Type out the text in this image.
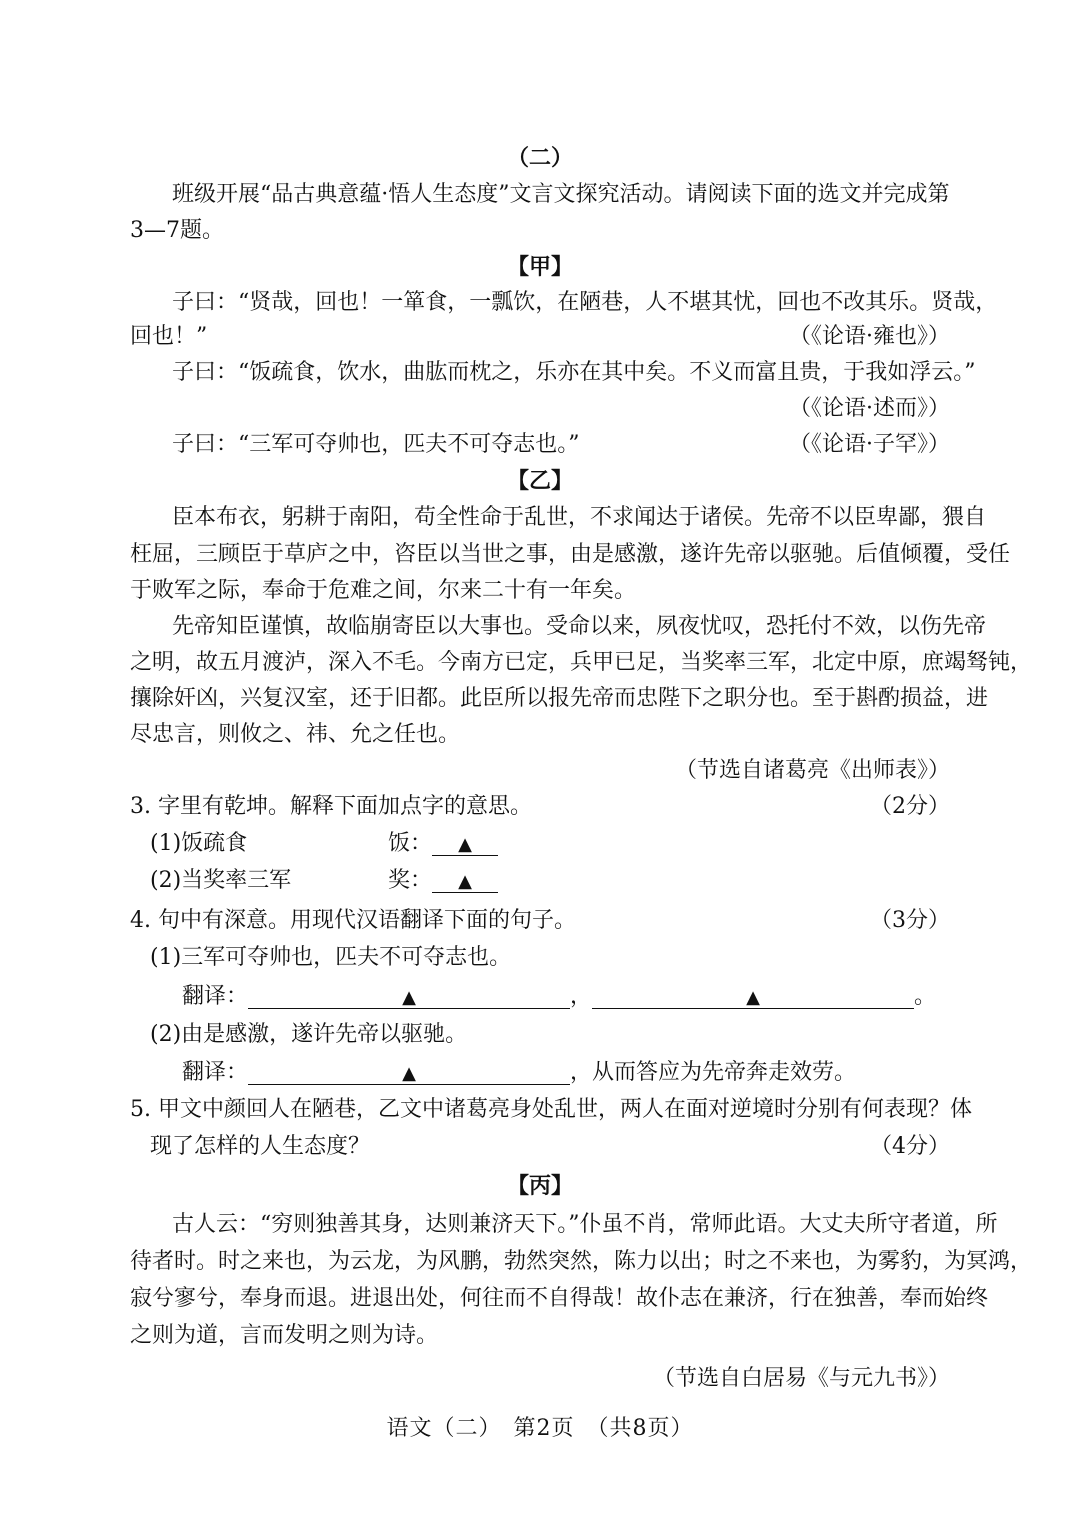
（二）
班级开展“品古典意蕴·悟人生态度”文言文探究活动。请阅读下面的选文并完成第
3—7题。
【甲】
子曰：“贤哉，回也！一箪食，一瓢饮，在陋巷，人不堪其忧，回也不改其乐。贤哉，
回也！”	（《论语·雍也》）
子曰：“饭疏食，饮水，曲肱而枕之，乐亦在其中矣。不义而富且贵，于我如浮云。”
（《论语·述而》）
子曰：“三军可夺帅也，匹夫不可夺志也。”	（《论语·子罕》）
【乙】
臣本布衣，躬耕于南阳，苟全性命于乱世，不求闻达于诸侯。先帝不以臣卑鄙，猥自
枉屈，三顾臣于草庐之中，咨臣以当世之事，由是感激，遂许先帝以驱驰。后值倾覆，受任
于败军之际，奉命于危难之间，尔来二十有一年矣。
先帝知臣谨慎，故临崩寄臣以大事也。受命以来，夙夜忧叹，恐托付不效，以伤先帝
之明，故五月渡泸，深入不毛。今南方已定，兵甲已足，当奖率三军，北定中原，庶竭驽钝，
攘除奸凶，兴复汉室，还于旧都。此臣所以报先帝而忠陛下之职分也。至于斟酌损益，进
尽忠言，则攸之、祎、允之任也。
（节选自诸葛亮《出师表》）
3. 字里有乾坤。解释下面加点字的意思。	（2分）
(1)饭疏食	饭： ▲
(2)当奖率三军	奖： ▲
4. 句中有深意。用现代汉语翻译下面的句子。	（3分）
(1)三军可夺帅也，匹夫不可夺志也。
翻译：	▲	，	▲	。
(2)由是感激，遂许先帝以驱驰。
翻译：	▲	，从而答应为先帝奔走效劳。
5. 甲文中颜回人在陋巷，乙文中诸葛亮身处乱世，两人在面对逆境时分别有何表现？体
现了怎样的人生态度？	（4分）
【丙】
古人云：“穷则独善其身，达则兼济天下。”仆虽不肖，常师此语。大丈夫所守者道，所
待者时。时之来也，为云龙，为风鹏，勃然突然，陈力以出；时之不来也，为雾豹，为冥鸿，
寂兮寥兮，奉身而退。进退出处，何往而不自得哉！故仆志在兼济，行在独善，奉而始终
之则为道，言而发明之则为诗。
（节选自白居易《与元九书》）
语文（二）　第2页　（共8页）
